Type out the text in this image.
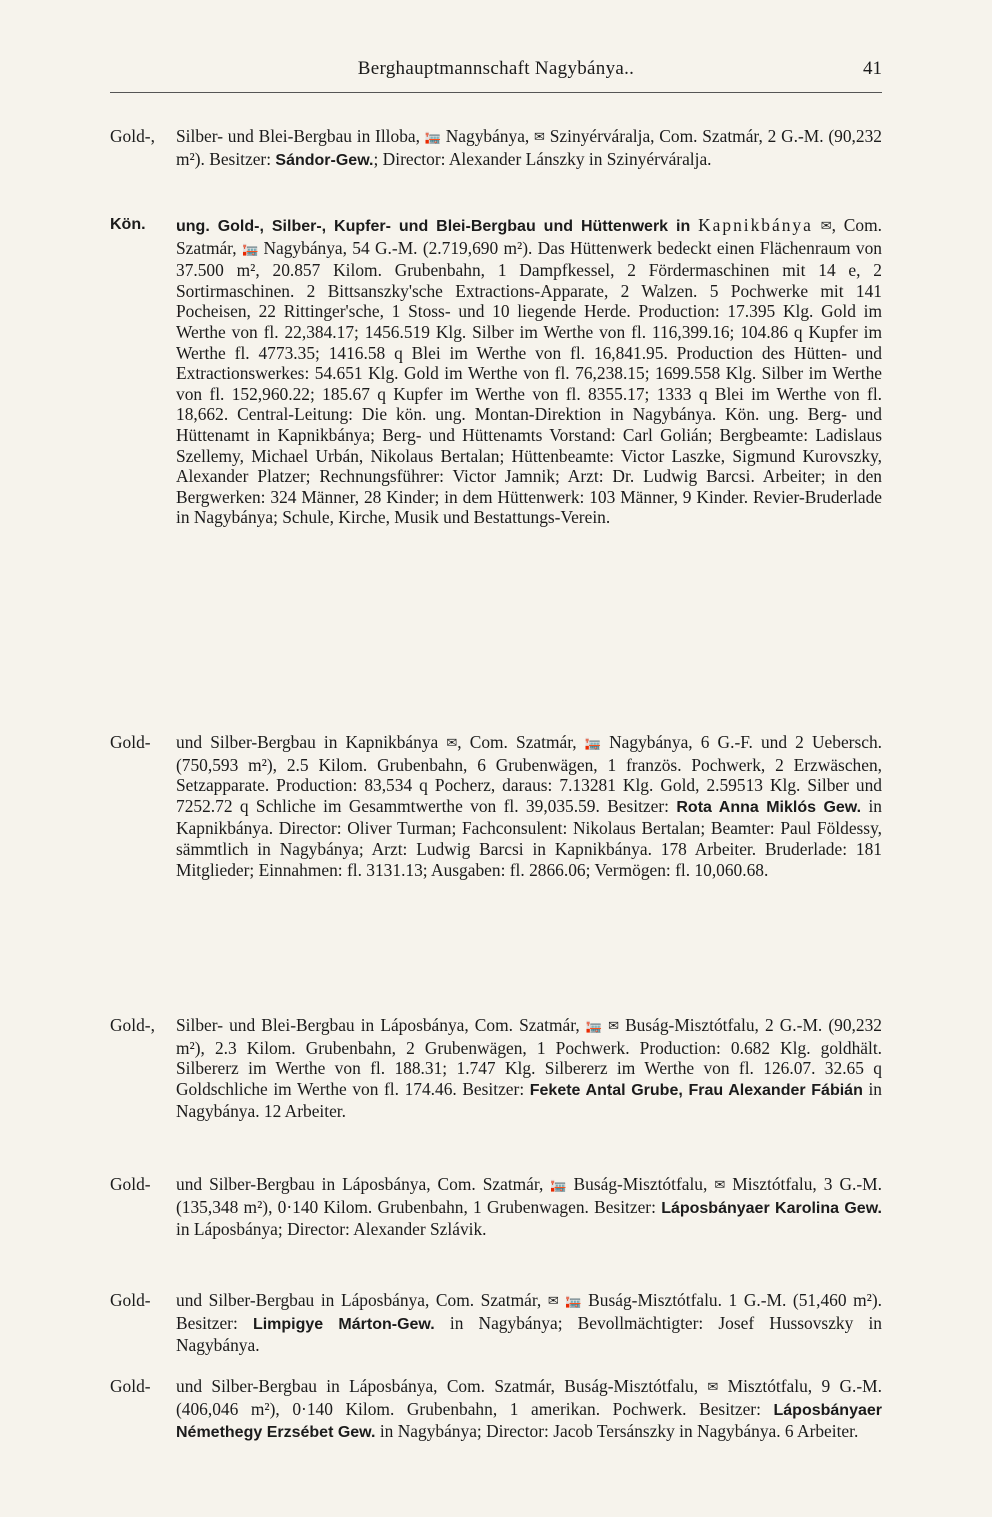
Berghauptmannschaft Nagybánya..	41
Gold-,	Silber- und Blei-Bergbau in Illoba, 🏣 Nagybánya, ✉ Szinyérváralja, Com. Szatmár, 2 G.-M. (90,232 m²). Besitzer: Sándor-Gew.; Director: Alexander Lánszky in Szinyérváralja.
Kön.	ung. Gold-, Silber-, Kupfer- und Blei-Bergbau und Hüttenwerk in Kapnikbánya ✉, Com. Szatmár, 🏣 Nagybánya, 54 G.-M. (2.719,690 m²). Das Hüttenwerk bedeckt einen Flächenraum von 37.500 m², 20.857 Kilom. Grubenbahn, 1 Dampfkessel, 2 Fördermaschinen mit 14 e, 2 Sortirmaschinen. 2 Bittsanszky'sche Extractions-Apparate, 2 Walzen. 5 Pochwerke mit 141 Pocheisen, 22 Rittinger'sche, 1 Stoss- und 10 liegende Herde. Production: 17.395 Klg. Gold im Werthe von fl. 22,384.17; 1456.519 Klg. Silber im Werthe von fl. 116,399.16; 104.86 q Kupfer im Werthe fl. 4773.35; 1416.58 q Blei im Werthe von fl. 16,841.95. Production des Hütten- und Extractionswerkes: 54.651 Klg. Gold im Werthe von fl. 76,238.15; 1699.558 Klg. Silber im Werthe von fl. 152,960.22; 185.67 q Kupfer im Werthe von fl. 8355.17; 1333 q Blei im Werthe von fl. 18,662. Central-Leitung: Die kön. ung. Montan-Direktion in Nagybánya. Kön. ung. Berg- und Hüttenamt in Kapnikbánya; Berg- und Hüttenamts Vorstand: Carl Golián; Bergbeamte: Ladislaus Szellemy, Michael Urbán, Nikolaus Bertalan; Hüttenbeamte: Victor Laszke, Sigmund Kurovszky, Alexander Platzer; Rechnungsführer: Victor Jamnik; Arzt: Dr. Ludwig Barcsi. Arbeiter; in den Bergwerken: 324 Männer, 28 Kinder; in dem Hüttenwerk: 103 Männer, 9 Kinder. Revier-Bruderlade in Nagybánya; Schule, Kirche, Musik und Bestattungs-Verein.
Gold-	und Silber-Bergbau in Kapnikbánya ✉, Com. Szatmár, 🏣 Nagybánya, 6 G.-F. und 2 Uebersch. (750,593 m²), 2.5 Kilom. Grubenbahn, 6 Grubenwägen, 1 französ. Pochwerk, 2 Erzwäschen, Setzapparate. Production: 83,534 q Pocherz, daraus: 7.13281 Klg. Gold, 2.59513 Klg. Silber und 7252.72 q Schliche im Gesammtwerthe von fl. 39,035.59. Besitzer: Rota Anna Miklós Gew. in Kapnikbánya. Director: Oliver Turman; Fachconsulent: Nikolaus Bertalan; Beamter: Paul Földessy, sämmtlich in Nagybánya; Arzt: Ludwig Barcsi in Kapnikbánya. 178 Arbeiter. Bruderlade: 181 Mitglieder; Einnahmen: fl. 3131.13; Ausgaben: fl. 2866.06; Vermögen: fl. 10,060.68.
Gold-,	Silber- und Blei-Bergbau in Láposbánya, Com. Szatmár, 🏣 ✉ Buság-Misztótfalu, 2 G.-M. (90,232 m²), 2.3 Kilom. Grubenbahn, 2 Grubenwägen, 1 Pochwerk. Production: 0.682 Klg. goldhält. Silbererz im Werthe von fl. 188.31; 1.747 Klg. Silbererz im Werthe von fl. 126.07. 32.65 q Goldschliche im Werthe von fl. 174.46. Besitzer: Fekete Antal Grube, Frau Alexander Fábián in Nagybánya. 12 Arbeiter.
Gold-	und Silber-Bergbau in Láposbánya, Com. Szatmár, 🏣 Buság-Misztótfalu, ✉ Misztótfalu, 3 G.-M. (135,348 m²), 0·140 Kilom. Grubenbahn, 1 Grubenwagen. Besitzer: Láposbányaer Karolina Gew. in Láposbánya; Director: Alexander Szlávik.
Gold-	und Silber-Bergbau in Láposbánya, Com. Szatmár, ✉ 🏣 Buság-Misztótfalu. 1 G.-M. (51,460 m²). Besitzer: Limpigye Márton-Gew. in Nagybánya; Bevollmächtigter: Josef Hussovszky in Nagybánya.
Gold-	und Silber-Bergbau in Láposbánya, Com. Szatmár, Buság-Misztótfalu, ✉ Misztótfalu, 9 G.-M. (406,046 m²), 0·140 Kilom. Grubenbahn, 1 amerikan. Pochwerk. Besitzer: Láposbányaer Némethegy Erzsébet Gew. in Nagybánya; Director: Jacob Tersánszky in Nagybánya. 6 Arbeiter.
